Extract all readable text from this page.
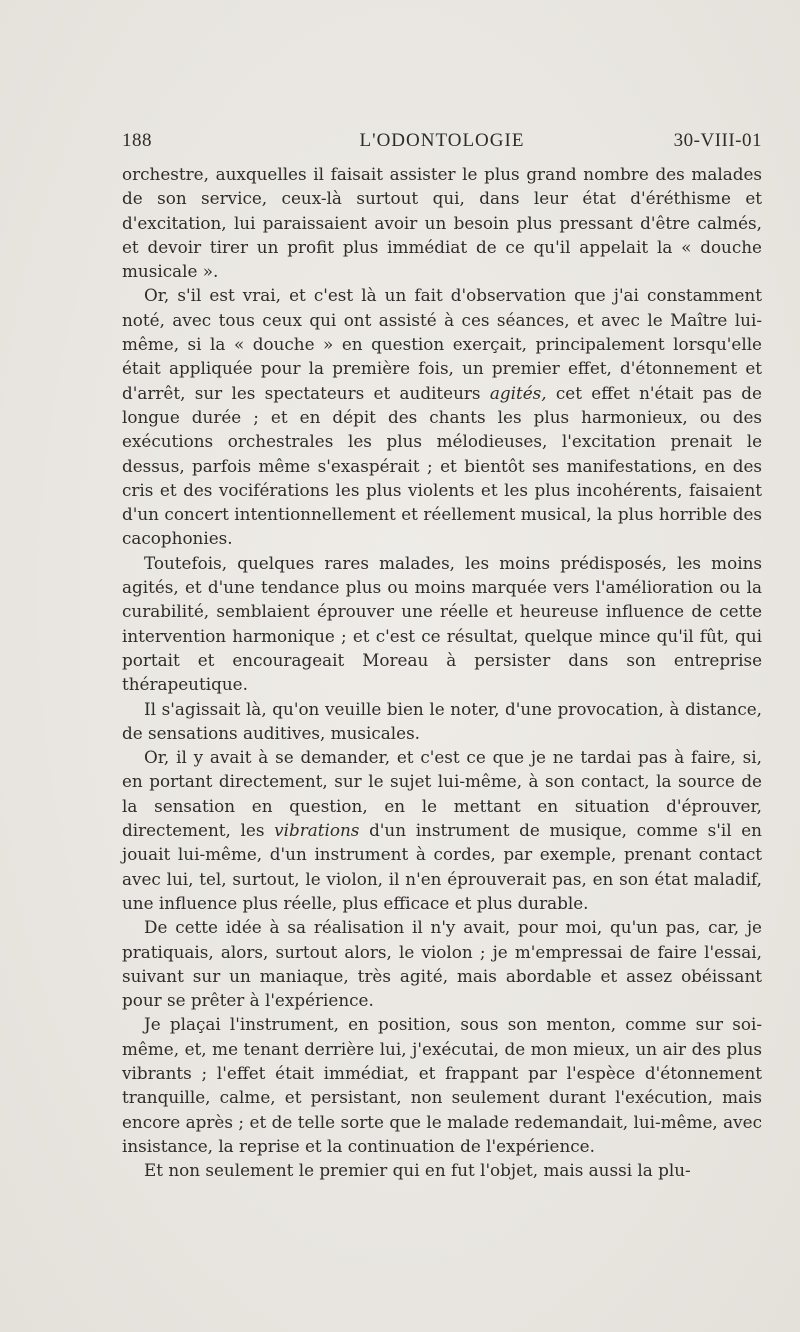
188	L'ODONTOLOGIE	30-VIII-01

orchestre, auxquelles il faisait assister le plus grand nombre des malades de son service, ceux-là surtout qui, dans leur état d'éréthisme et d'excitation, lui paraissaient avoir un besoin plus pressant d'être calmés, et devoir tirer un profit plus immédiat de ce qu'il appelait la « douche musicale ».

Or, s'il est vrai, et c'est là un fait d'observation que j'ai constamment noté, avec tous ceux qui ont assisté à ces séances, et avec le Maître lui-même, si la « douche » en question exerçait, principalement lorsqu'elle était appliquée pour la première fois, un premier effet, d'étonnement et d'arrêt, sur les spectateurs et auditeurs agités, cet effet n'était pas de longue durée ; et en dépit des chants les plus harmonieux, ou des exécutions orchestrales les plus mélodieuses, l'excitation prenait le dessus, parfois même s'exaspérait ; et bientôt ses manifestations, en des cris et des vociférations les plus violents et les plus incohérents, faisaient d'un concert intentionnellement et réellement musical, la plus horrible des cacophonies.

Toutefois, quelques rares malades, les moins prédisposés, les moins agités, et d'une tendance plus ou moins marquée vers l'amélioration ou la curabilité, semblaient éprouver une réelle et heureuse influence de cette intervention harmonique ; et c'est ce résultat, quelque mince qu'il fût, qui portait et encourageait Moreau à persister dans son entreprise thérapeutique.

Il s'agissait là, qu'on veuille bien le noter, d'une provocation, à distance, de sensations auditives, musicales.

Or, il y avait à se demander, et c'est ce que je ne tardai pas à faire, si, en portant directement, sur le sujet lui-même, à son contact, la source de la sensation en question, en le mettant en situation d'éprouver, directement, les vibrations d'un instrument de musique, comme s'il en jouait lui-même, d'un instrument à cordes, par exemple, prenant contact avec lui, tel, surtout, le violon, il n'en éprouverait pas, en son état maladif, une influence plus réelle, plus efficace et plus durable.

De cette idée à sa réalisation il n'y avait, pour moi, qu'un pas, car, je pratiquais, alors, surtout alors, le violon ; je m'empressai de faire l'essai, suivant sur un maniaque, très agité, mais abordable et assez obéissant pour se prêter à l'expérience.

Je plaçai l'instrument, en position, sous son menton, comme sur soi-même, et, me tenant derrière lui, j'exécutai, de mon mieux, un air des plus vibrants ; l'effet était immédiat, et frappant par l'espèce d'étonnement tranquille, calme, et persistant, non seulement durant l'exécution, mais encore après ; et de telle sorte que le malade redemandait, lui-même, avec insistance, la reprise et la continuation de l'expérience.

Et non seulement le premier qui en fut l'objet, mais aussi la plu-
